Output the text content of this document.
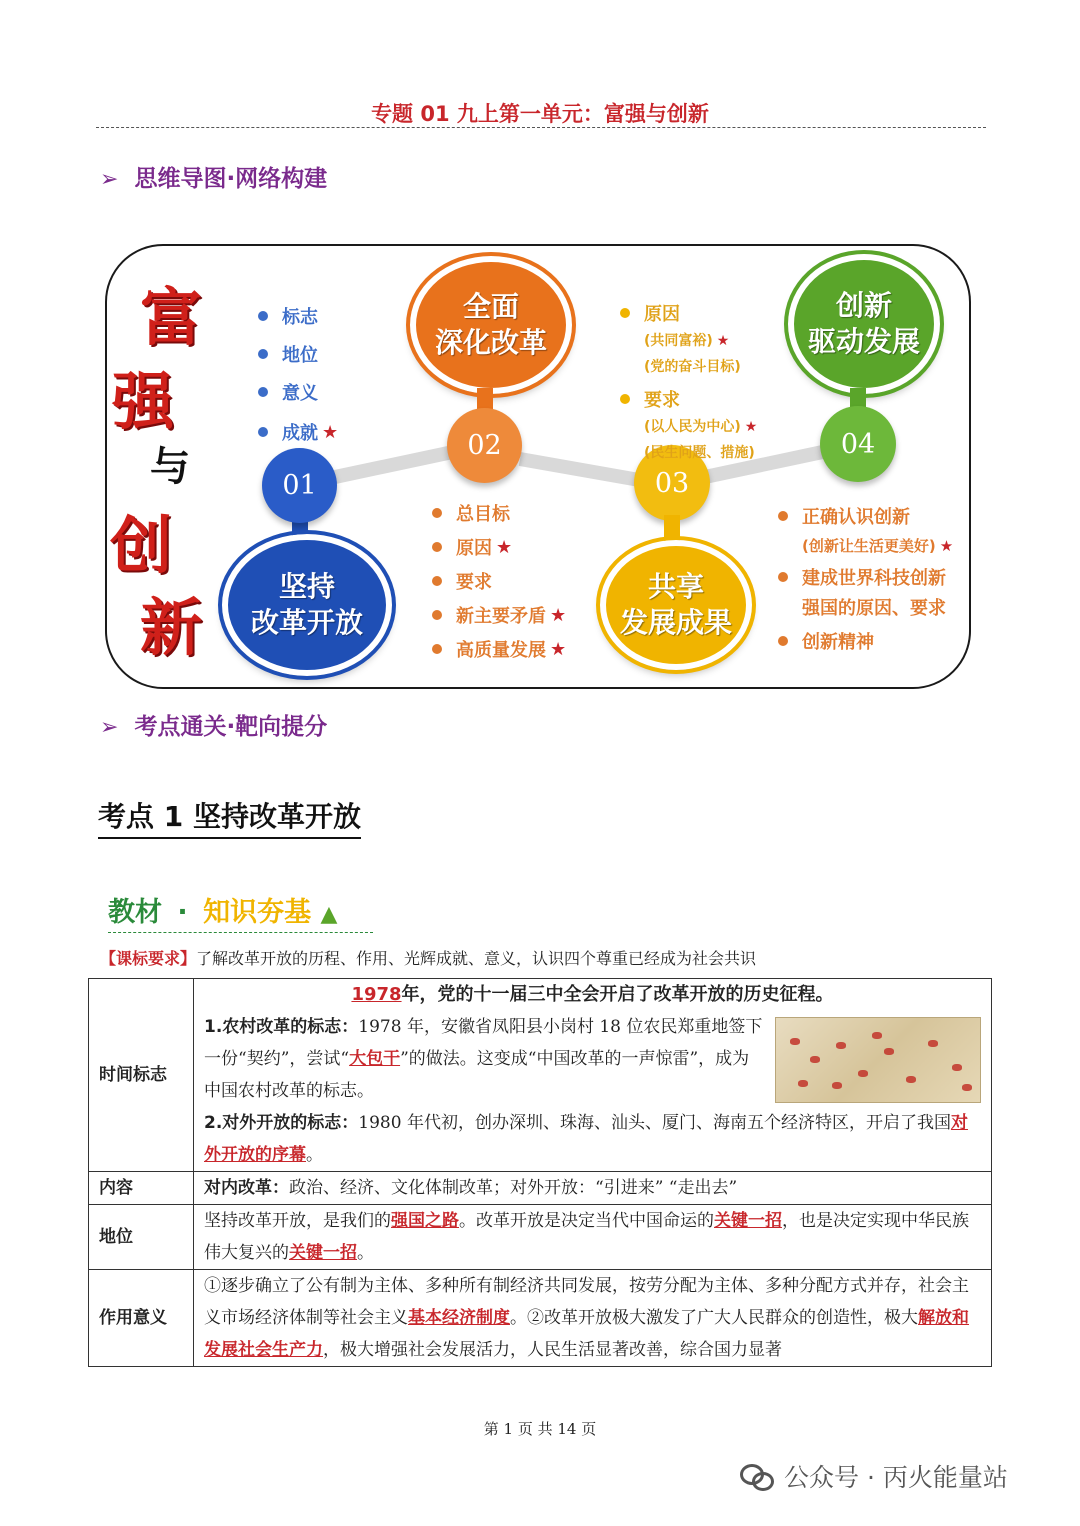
专题 01 九上第一单元：富强与创新
➢ 思维导图·网络构建
富
强
与
创
新
01
坚持
改革开放
全面
深化改革
02
03
共享
发展成果
创新
驱动发展
04
标志
地位
意义
成就 ★
总目标
原因 ★
要求
新主要矛盾 ★
高质量发展 ★
原因
(共同富裕) ★
(党的奋斗目标)
要求
(以人民为中心) ★
(民生问题、措施)
正确认识创新
(创新让生活更美好) ★
建成世界科技创新
强国的原因、要求
创新精神
➢ 考点通关·靶向提分
考点 1 坚持改革开放
教材 · 知识夯基 ▲
【课标要求】了解改革开放的历程、作用、光辉成就、意义，认识四个尊重已经成为社会共识
时间标志	1978年，党的十一届三中全会开启了改革开放的历史征程。
1.农村改革的标志：1978 年，安徽省凤阳县小岗村 18 位农民郑重地签下一份“契约”，尝试“大包干”的做法。这变成“中国改革的一声惊雷”，成为中国农村改革的标志。
2.对外开放的标志：1980 年代初，创办深圳、珠海、汕头、厦门、海南五个经济特区，开启了我国对外开放的序幕。

内容	对内改革：政治、经济、文化体制改革；对外开放：“引进来” “走出去”
地位	坚持改革开放，是我们的强国之路。改革开放是决定当代中国命运的关键一招，也是决定实现中华民族伟大复兴的关键一招。
作用意义	①逐步确立了公有制为主体、多种所有制经济共同发展，按劳分配为主体、多种分配方式并存，社会主义市场经济体制等社会主义基本经济制度。②改革开放极大激发了广大人民群众的创造性，极大解放和发展社会生产力，极大增强社会发展活力，人民生活显著改善，综合国力显著
第 1 页 共 14 页
公众号 · 丙火能量站
